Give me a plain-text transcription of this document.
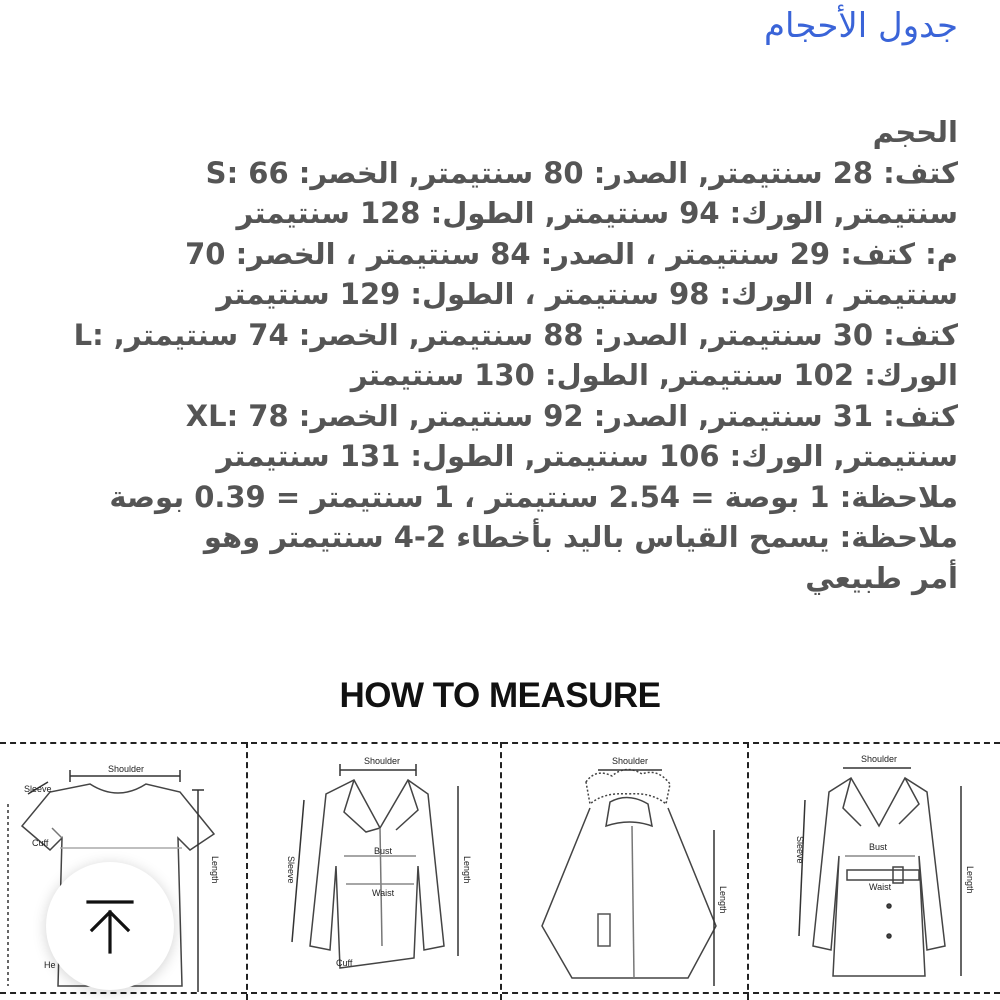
جدول الأحجام
الحجم
كتف: 28 سنتيمتر, الصدر: 80 سنتيمتر, الخصر: 66 :S
سنتيمتر, الورك: 94 سنتيمتر, الطول: 128 سنتيمتر
م: كتف: 29 سنتيمتر ، الصدر: 84 سنتيمتر ، الخصر: 70
سنتيمتر ، الورك: 98 سنتيمتر ، الطول: 129 سنتيمتر
كتف: 30 سنتيمتر, الصدر: 88 سنتيمتر, الخصر: 74 سنتيمتر, :L
الورك: 102 سنتيمتر, الطول: 130 سنتيمتر
كتف: 31 سنتيمتر, الصدر: 92 سنتيمتر, الخصر: 78 :XL
سنتيمتر, الورك: 106 سنتيمتر, الطول: 131 سنتيمتر
ملاحظة: 1 بوصة = 2.54 سنتيمتر ، 1 سنتيمتر = 0.39 بوصة
ملاحظة: يسمح القياس باليد بأخطاء 2-4 سنتيمتر وهو
أمر طبيعي
HOW TO MEASURE
Shoulder
Sleeve
Cuff
Length
He
Shoulder
Bust
Waist
Sleeve	Length
Cuff
Shoulder
Length
Shoulder
Bust
Waist
Sleeve
Length
